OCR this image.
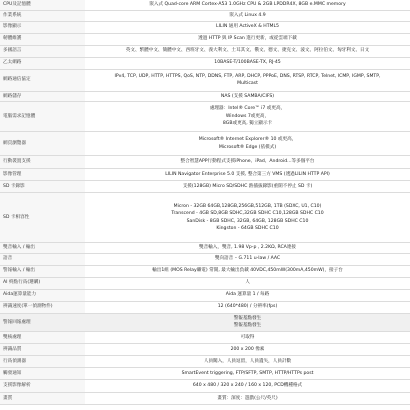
CPU及記憶體	嵌入式 Quad-core ARM Cortex-A53 1.0GHz CPU & 2GB LPDDR4X, 8GB e.MMC memory

作業系統	嵌入式 Linux 4.9

影像顯示	LILIN 通用 ActiveX & HTML5

韌體維護	透過 HTTP 與 IP Scan 進行更新，或從雲端下載

多國語言	英文、繁體中文、簡體中文、西班牙文、義大利文、土耳其文、俄文、德文、捷克文、波文、阿拉伯文、匈牙利文、日文

乙太網路	10BASE-T/100BASE-TX, RJ-45

網路通信協定	IPv4, TCP, UDP, HTTP, HTTPS, QoS, NTP, DDNS, FTP, ARP, DHCP, PPPoE, DNS, RTSP, RTCP, Telnet, ICMP, IGMP, SMTP,
Multicast

網路儲存	NAS (支援 SAMBA/CIFS)

電腦需求記憶體	處理器：Intel® Core™ i7 或更高，
Windows 7或更高，
8GB或更高, 獨立顯示卡

網頁瀏覽器	Microsoft® Internet Explorer® 10 或更高，
Microsoft® Edge (依模式)

行動裝置支援	整合智慧APP行動程式支援iPhone、iPad、Android...等多個平台

影像管理	LILIN Navigator Enterprise 5.0 支援, 整合第三方 VMS (透過LILIN HTTP API)

SD 卡錄影	支援(128GB) Micro SD/SDHC 熱插拔錄影(重開不停止 SD 卡)

SD 卡相容性	Micron - 32GB 64GB,128GB,256GB,512GB, 1TB (SDXC, U1, C10)
Transcend - 4GB SD,8GB SDHC,32GB SDHC C10,128GB SDHC C10
SanDisk - 8GB SDHC, 32GB, 64GB, 128GB SDHC C10
Kingston - 64GB SDHC C10

雙音輸入 / 輸出	雙音輸入，雙音, 1.98 Vp-p , 2.2KΩ, RCA連接

語音	雙向語音 – G.711 u-law / AAC

警報輸入 / 輸出	輸出1組 (MOS Relay繼電) 常開, 最大輸出負載 40VDC,450mW(300mA,450mW)，接子台

AI 終點行爲(選購)	人

Aida運算量能力	Aida 運算量 1 / 每路

辨識速度(單一偵測物件)	12 (640*480) / 分辨率(fps)

警報回報處理	警報基點發生
警報基點發生

雙核處理	可取得

辨識品質	200 x 200 像素

行爲偵測器	人員闖入，人員逗留，人員遺失，人員計數

觸發通知	SmartEvent triggering, FTP/SFTP, SMTP, HTTP/HTTPs post

支援影像解析	640 x 480 / 320 x 240 / 160 x 120, PCD機種格式

畫質	畫質：深度：遊戲(公尺/英尺)
